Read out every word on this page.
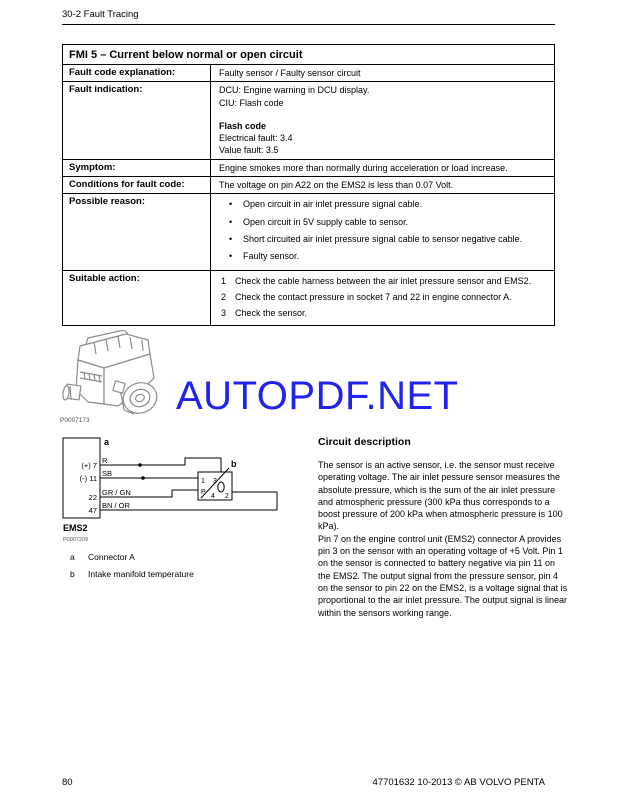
30-2 Fault Tracing
FMI 5 – Current below normal or open circuit
Fault code explanation:	Faulty sensor / Faulty sensor circuit
Fault indication:	DCU: Engine warning in DCU display.
CIU: Flash code
Flash code
Electrical fault: 3.4
Value fault: 3.5
Symptom:	Engine smokes more than normally during acceleration or load increase.
Conditions for fault code:	The voltage on pin A22 on the EMS2 is less than 0.07 Volt.
Possible reason: •	Open circuit in air inlet pressure signal cable.
•
Open circuit in 5V supply cable to sensor.
•
Short circuited air inlet pressure signal cable to sensor negative cable.
•
Faulty sensor.
Suitable action:	1 Check the cable harness between the air inlet pressure sensor and EMS2.
2 Check the contact pressure in socket 7 and 22 in engine connector A.
3 Check the sensor.
P0007173
AUTOPDF.NET
a
b
(+) 7
(-) 11
22
47
R
SB
GR / GN
BN / OR
1 3
4 2
P
EMS2
P0007209
a	Connector A
b	Intake manifold temperature
Circuit description

The sensor is an active sensor, i.e. the sensor must receive operating voltage. The air inlet pessure sensor measures the absolute pressure, which is the sum of the air inlet pressure and atmospheric pressure (300 kPa thus corresponds to a boost pressure of 200 kPa when atmospheric pressure is 100 kPa).

Pin 7 on the engine control unit (EMS2) connector A provides pin 3 on the sensor with an operating voltage of +5 Volt. Pin 1 on the sensor is connected to battery negative via pin 11 on the EMS2. The output signal from the pressure sensor, pin 4 on the sensor to pin 22 on the EMS2, is a voltage signal that is proportional to the air inlet pressure. The output signal is linear within the sensors working range.

80	47701632 10-2013 © AB VOLVO PENTA
